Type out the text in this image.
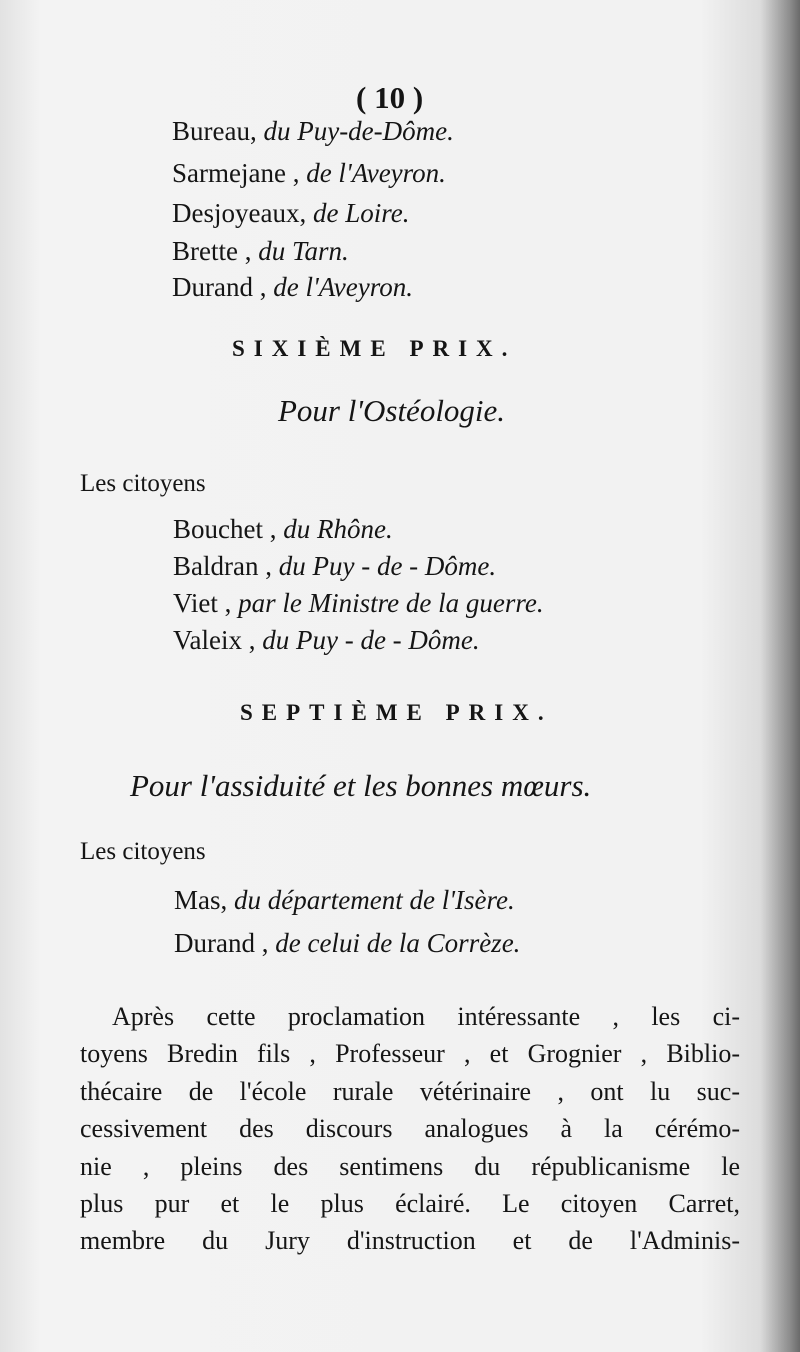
( 10 )
Bureau, du Puy-de-Dôme.
Sarmejane , de l'Aveyron.
Desjoyeaux, de Loire.
Brette , du Tarn.
Durand , de l'Aveyron.
SIXIÈME PRIX.
Pour l'Ostéologie.
Les citoyens
Bouchet , du Rhône.
Baldran , du Puy - de - Dôme.
Viet , par le Ministre de la guerre.
Valeix , du Puy - de - Dôme.
SEPTIÈME PRIX.
Pour l'assiduité et les bonnes mœurs.
Les citoyens
Mas, du département de l'Isère.
Durand , de celui de la Corrèze.
Après cette proclamation intéressante , les ci-
toyens Bredin fils , Professeur , et Grognier , Biblio-
thécaire de l'école rurale vétérinaire , ont lu suc-
cessivement des discours analogues à la cérémo-
nie , pleins des sentimens du républicanisme le
plus pur et le plus éclairé. Le citoyen Carret,
membre du Jury d'instruction et de l'Adminis-
